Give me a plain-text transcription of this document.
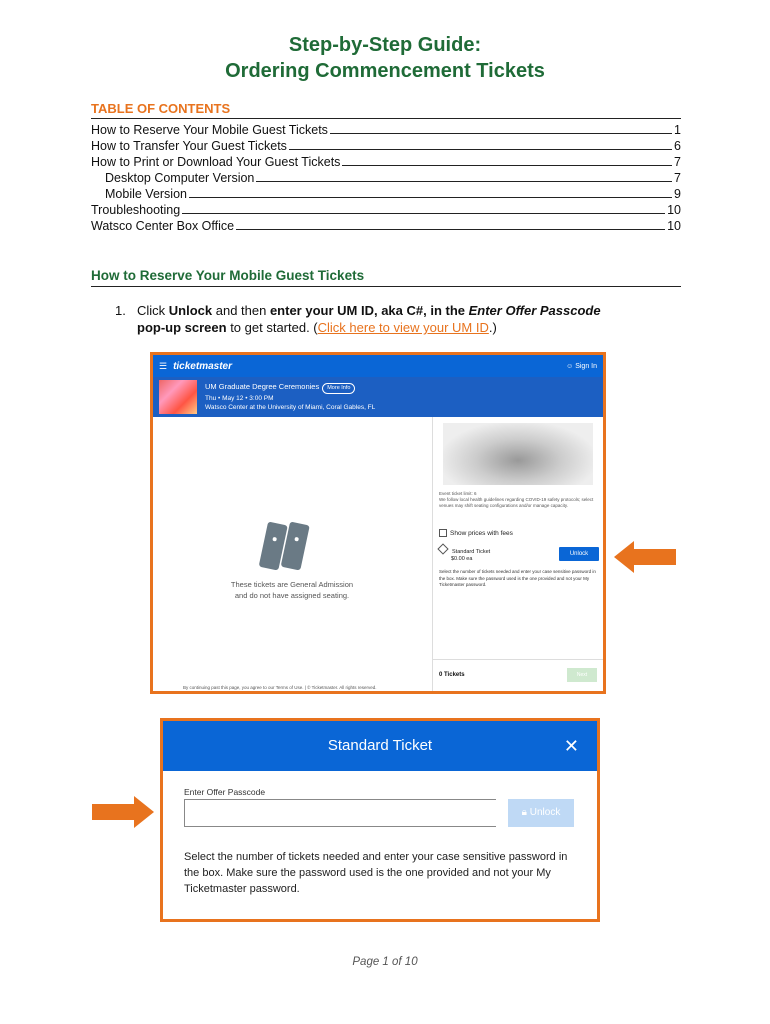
Step-by-Step Guide:
Ordering Commencement Tickets
TABLE OF CONTENTS
How to Reserve Your Mobile Guest Tickets	1
How to Transfer Your Guest Tickets	6
How to Print or Download Your Guest Tickets	7
Desktop Computer Version	7
Mobile Version	9
Troubleshooting	10
Watsco Center Box Office	10
How to Reserve Your Mobile Guest Tickets
1. Click Unlock and then enter your UM ID, aka C#, in the Enter Offer Passcode
pop-up screen to get started. (Click here to view your UM ID.)
☰ ticketmaster	☺ Sign In
UM Graduate Degree Ceremonies More Info
Thu • May 12 • 3:00 PM
Watsco Center at the University of Miami, Coral Gables, FL
These tickets are General Admission
and do not have assigned seating.
By continuing past this page, you agree to our Terms of Use. | © Ticketmaster. All rights reserved.
Event ticket limit: 6
We follow local health guidelines regarding COVID-19 safety protocols; select venues may shift seating configurations and/or manage capacity.
Show prices with fees
Standard Ticket
$0.00 ea
Unlock
Select the number of tickets needed and enter your case sensitive password in the box. Make sure the password used is the one provided and not your My Ticketmaster password.
0 Tickets	Next
Standard Ticket	✕
Enter Offer Passcode
🔒︎ Unlock
Select the number of tickets needed and enter your case sensitive password in the box. Make sure the password used is the one provided and not your My Ticketmaster password.
Page 1 of 10
